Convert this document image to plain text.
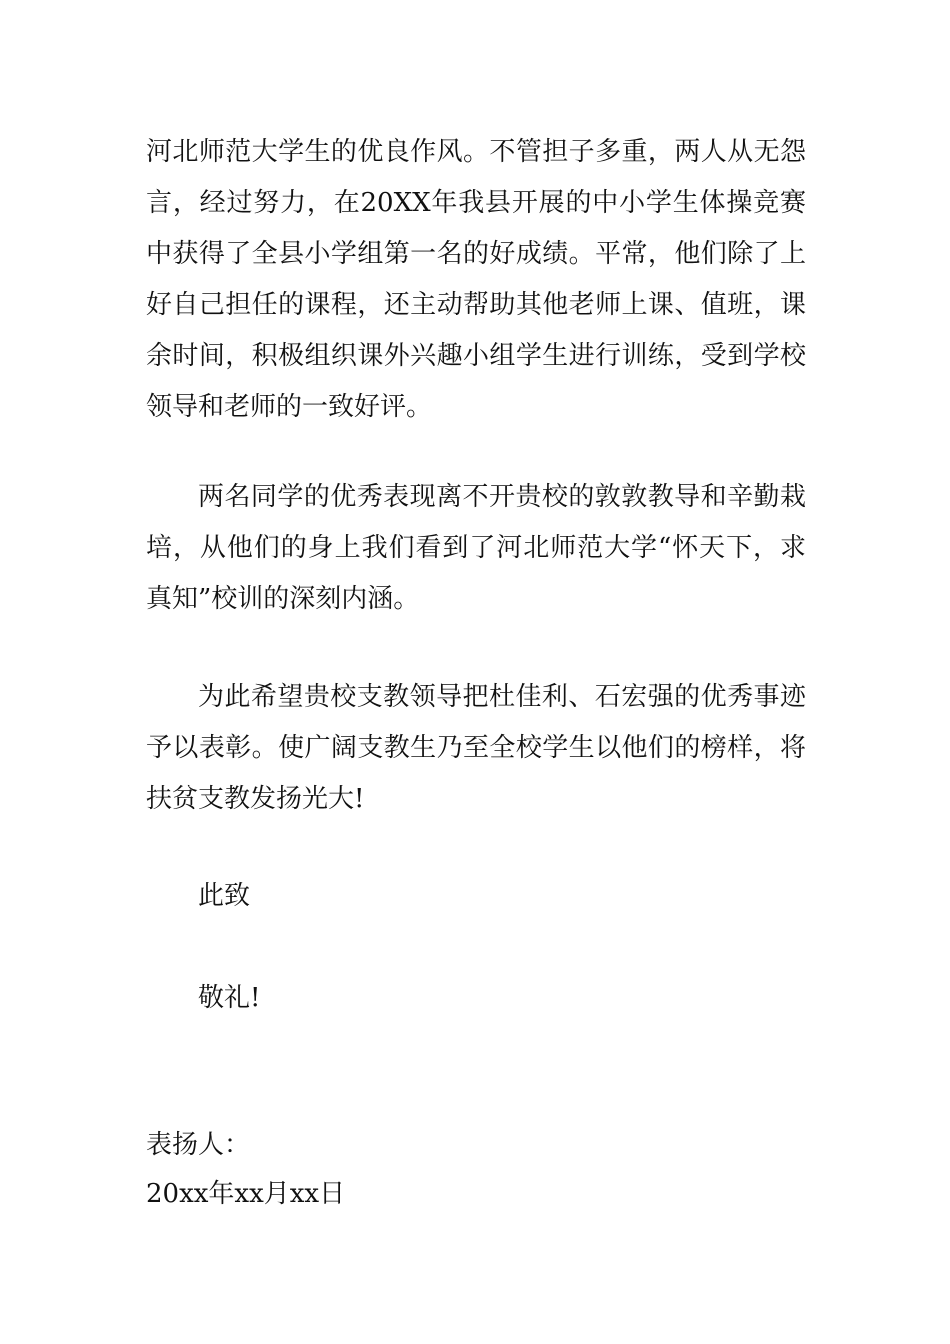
河北师范大学生的优良作风。不管担子多重，两人从无怨言，经过努力，在20XX年我县开展的中小学生体操竞赛中获得了全县小学组第一名的好成绩。平常，他们除了上好自己担任的课程，还主动帮助其他老师上课、值班，课余时间，积极组织课外兴趣小组学生进行训练，受到学校领导和老师的一致好评。

两名同学的优秀表现离不开贵校的敦敦教导和辛勤栽培，从他们的身上我们看到了河北师范大学“怀天下，求真知”校训的深刻内涵。

为此希望贵校支教领导把杜佳利、石宏强的优秀事迹予以表彰。使广阔支教生乃至全校学生以他们的榜样，将扶贫支教发扬光大!

此致

敬礼!

表扬人：

20xx年xx月xx日
